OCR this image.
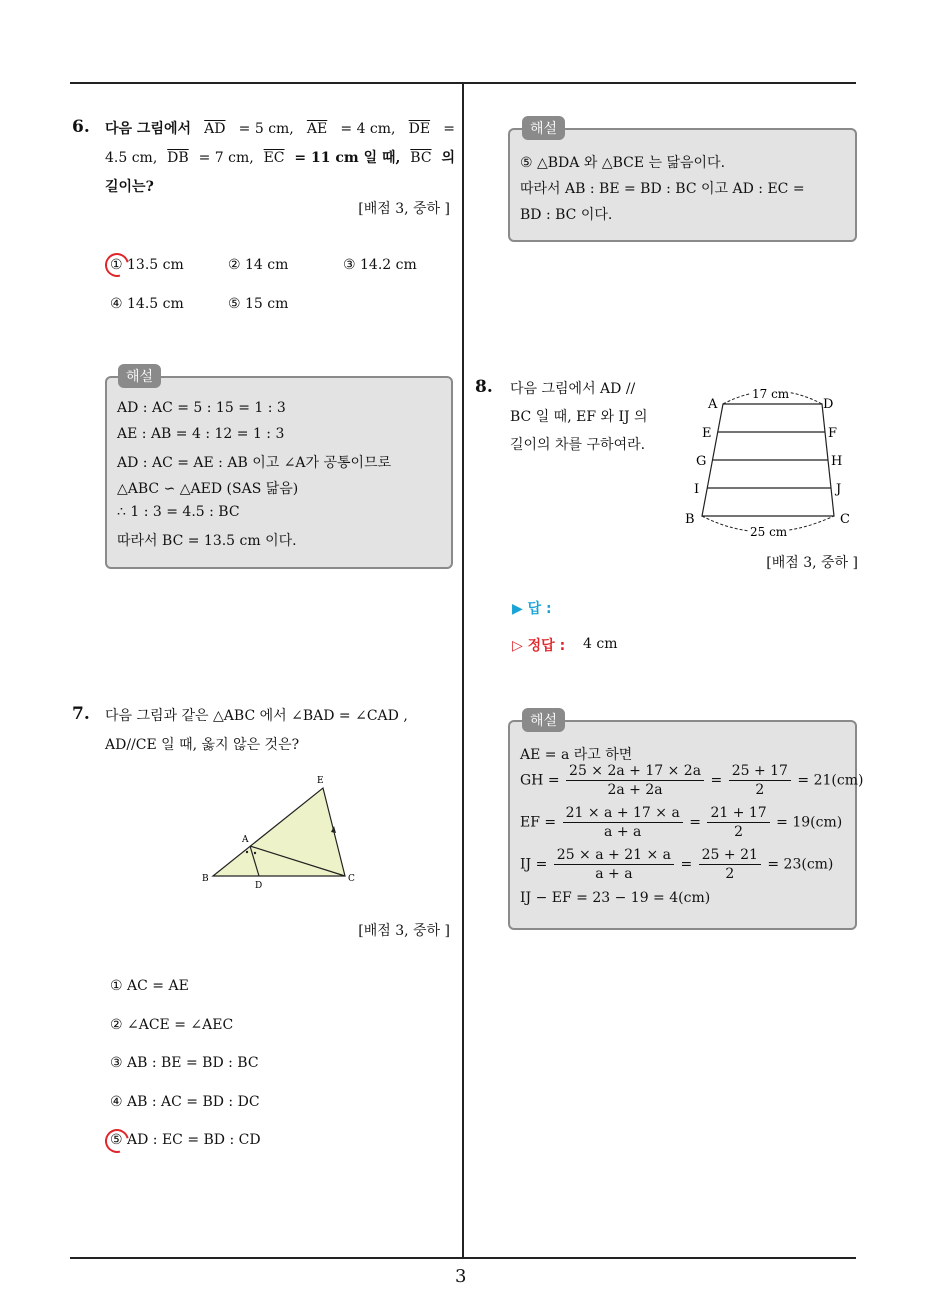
3
6. 다음 그림에서 $\overline{AD} = 5$ cm, $\overline{AE} = 4$ cm, $\overline{DE}$ =
4.5 cm, $\overline{DB} = 7$ cm, $\overline{EC} = 11$ cm 일 때, $\overline{BC}$ 의
길이는?
[배점 3, 중하 ]
① 13.5 cm	② 14 cm	③ 14.2 cm
④ 14.5 cm	⑤ 15 cm
AD : AC = 5 : 15 = 1 : 3
AE : AB = 4 : 12 = 1 : 3
AD : AC = AE : AB 이고 ∠A가 공통이므로
△ABC ∽ △AED (SAS 닮음)
∴ 1 : 3 = 4.5 : BC
따라서 BC = 13.5 cm 이다.
해설
7. 다음 그림과 같은 △ABC 에서 ∠BAD = ∠CAD ,
AD//CE 일 때, 옳지 않은 것은?
E
A
B
D
C
[배점 3, 중하 ]
① AC = AE
② ∠ACE = ∠AEC
③ AB : BE = BD : BC
④ AB : AC = BD : DC
⑤ AD : EC = BD : CD
⑤ △BDA 와 △BCE 는 닮음이다.
따라서 AB : BE = BD : BC 이고 AD : EC =
BD : BC 이다.
해설
8. 다음 그림에서 AD //
BC 일 때, EF 와 IJ 의
길이의 차를 구하여라.
17 cm
25 cm
A	D
E	F
G	H
I	J
B	C
[배점 3, 중하 ]
▶ 답 :
▷ 정답 : 4 cm
AE = a 라고 하면
GH = $\frac{25 \times 2a + 17 \times 2a}{2a + 2a} = \frac{25 + 17}{2} = 21(cm)$
EF = $\frac{21 \times a + 17 \times a}{a + a} = \frac{21 + 17}{2} = 19(cm)$
IJ = $\frac{25 \times a + 21 \times a}{a + a} = \frac{25 + 21}{2} = 23(cm)$
IJ − EF = 23 − 19 = 4(cm)
해설
